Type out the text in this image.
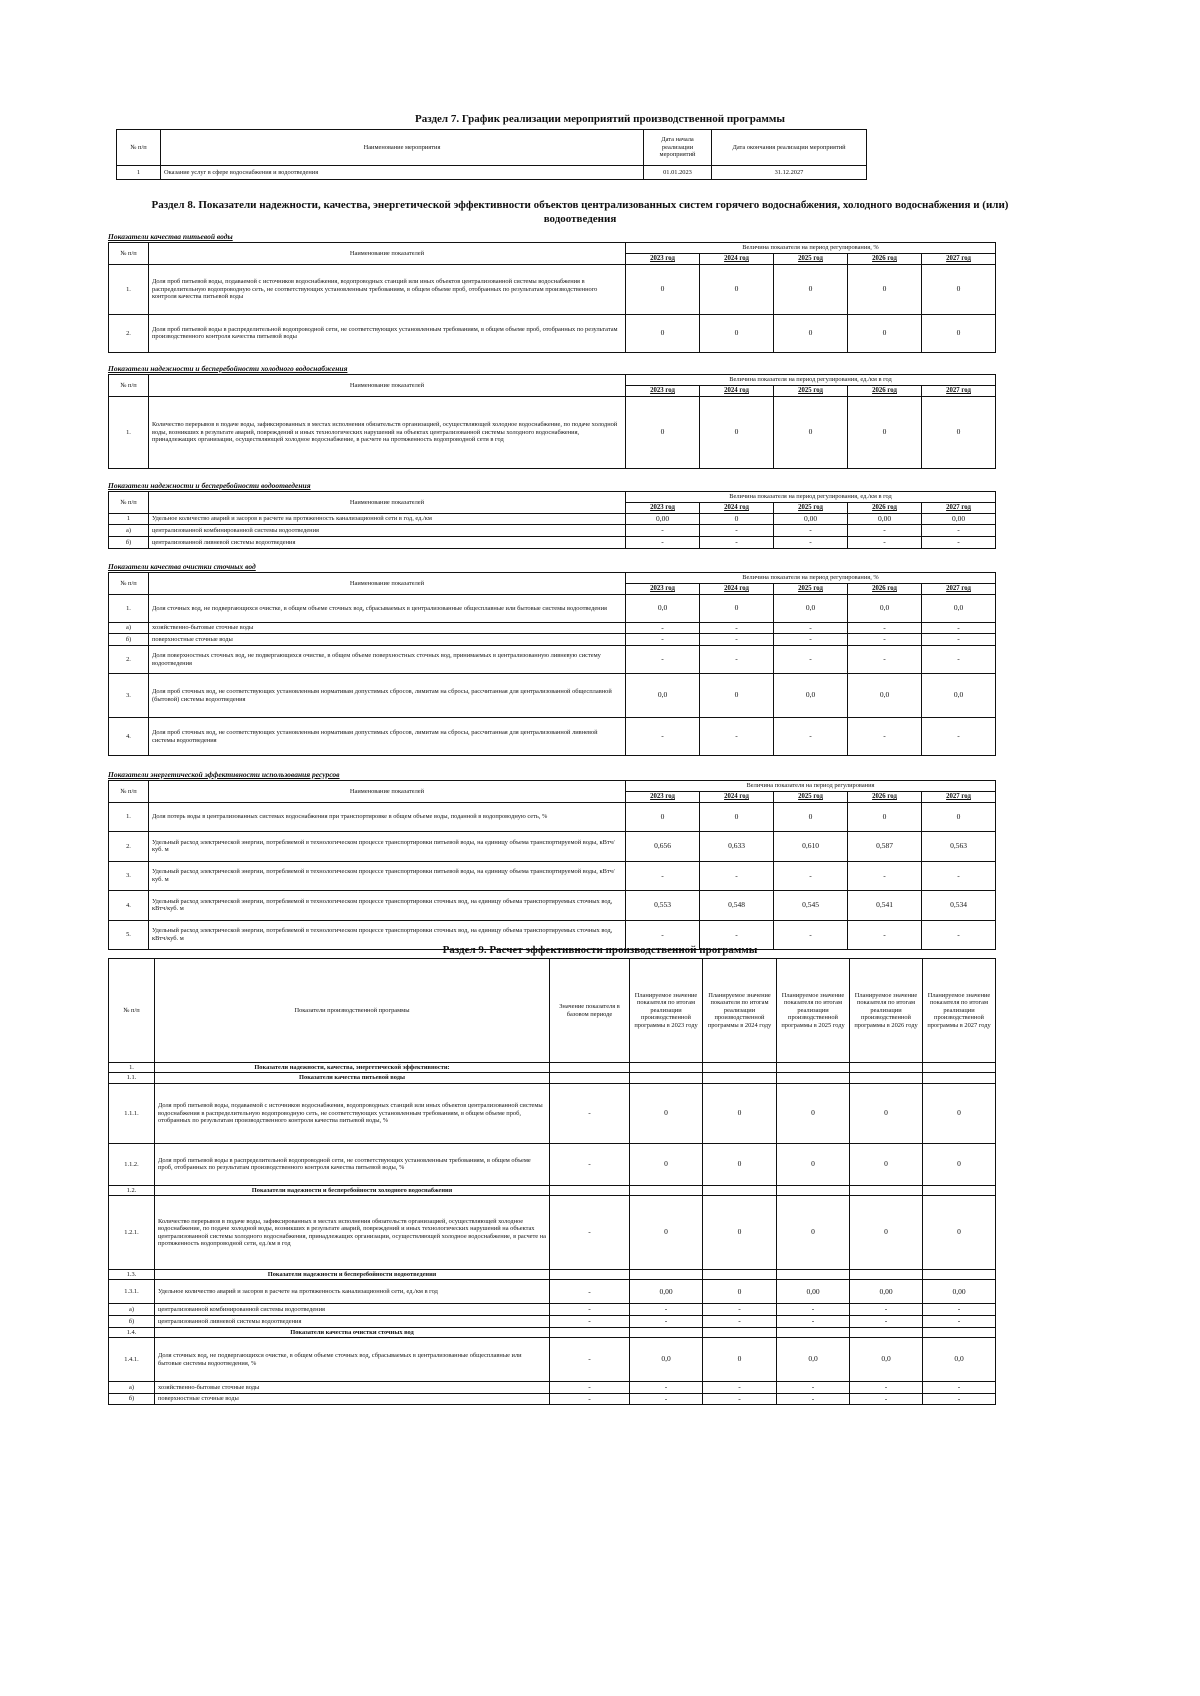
Раздел 7. График реализации мероприятий производственной программы
№ п/п	Наименование мероприятия	Дата начала реализации мероприятий	Дата окончания реализации мероприятий
1	Оказание услуг в сфере водоснабжения и водоотведения	01.01.2023	31.12.2027
Раздел 8. Показатели надежности, качества, энергетической эффективности объектов централизованных систем горячего водоснабжения, холодного водоснабжения и (или) водоотведения
Показатели качества питьевой воды
№ п/п	Наименование показателей	Величина показателя на период регулирования, %				
		2023 год	2024 год	2025 год	2026 год	2027 год
1.	Доля проб питьевой воды, подаваемой с источников водоснабжения, водопроводных станций или иных объектов централизованной системы водоснабжения в распределительную водопроводную сеть, не соответствующих установленным требованиям, в общем объеме проб, отобранных по результатам производственного контроля качества питьевой воды	0	0	0	0	0
2.	Доля проб питьевой воды в распределительной водопроводной сети, не соответствующих установленным требованиям, в общем объеме проб, отобранных по результатам производственного контроля качества питьевой воды	0	0	0	0	0
Показатели надежности и бесперебойности холодного водоснабжения
№ п/п	Наименование показателей	Величина показателя на период регулирования, ед./км в год				
		2023 год	2024 год	2025 год	2026 год	2027 год
1.	Количество перерывов в подаче воды, зафиксированных в местах исполнения обязательств организацией, осуществляющей холодное водоснабжение, по подаче холодной воды, возникших в результате аварий, повреждений и иных технологических нарушений на объектах централизованной системы холодного водоснабжения, принадлежащих организации, осуществляющей холодное водоснабжение, в расчете на протяженность водопроводной сети в год	0	0	0	0	0
Показатели надежности и бесперебойности водоотведения
№ п/п	Наименование показателей	Величина показателя на период регулирования, ед./км в год				
		2023 год	2024 год	2025 год	2026 год	2027 год
1	Удельное количество аварий и засоров в расчете на протяженность канализационной сети в год, ед./км	0,00	0	0,00	0,00	0,00
а)	централизованной комбинированной системы водоотведения	-	-	-	-	-
б)	централизованной ливневой системы водоотведения	-	-	-	-	-
Показатели качества очистки сточных вод
№ п/п	Наименование показателей	Величина показателя на период регулирования, %				
		2023 год	2024 год	2025 год	2026 год	2027 год
1.	Доля сточных вод, не подвергающихся очистке, в общем объеме сточных вод, сбрасываемых в централизованные общесплавные или бытовые системы водоотведения	0,0	0	0,0	0,0	0,0
а)	хозяйственно-бытовые сточные воды	-	-	-	-	-
б)	поверхностные сточные воды	-	-	-	-	-
2.	Доля поверхностных сточных вод, не подвергающихся очистке, в общем объеме поверхностных сточных вод, принимаемых в централизованную ливневую систему водоотведения	-	-	-	-	-
3.	Доля проб сточных вод, не соответствующих установленным нормативам допустимых сбросов, лимитам на сбросы, рассчитанная для централизованной общесплавной (бытовой) системы водоотведения	0,0	0	0,0	0,0	0,0
4.	Доля проб сточных вод, не соответствующих установленным нормативам допустимых сбросов, лимитам на сбросы, рассчитанная для централизованной ливневой системы водоотведения	-	-	-	-	-
Показатели энергетической эффективности использования ресурсов
№ п/п	Наименование показателей	Величина показателя на период регулирования				
		2023 год	2024 год	2025 год	2026 год	2027 год
1.	Доля потерь воды в централизованных системах водоснабжения при транспортировке в общем объеме воды, поданной в водопроводную сеть, %	0	0	0	0	0
2.	Удельный расход электрической энергии, потребляемой в технологическом процессе транспортировки питьевой воды, на единицу объема транспортируемой воды, кВтч/куб. м	0,656	0,633	0,610	0,587	0,563
3.	Удельный расход электрической энергии, потребляемой в технологическом процессе транспортировки питьевой воды, на единицу объема транспортируемой воды, кВтч/куб. м	-	-	-	-	-
4.	Удельный расход электрической энергии, потребляемой в технологическом процессе транспортировки сточных вод, на единицу объема транспортируемых сточных вод, кВтч/куб. м	0,553	0,548	0,545	0,541	0,534
5.	Удельный расход электрической энергии, потребляемой в технологическом процессе транспортировки сточных вод, на единицу объема транспортируемых сточных вод, кВтч/куб. м	-	-	-	-	-
Раздел 9. Расчет эффективности производственной программы
№ п/п	Показатели производственной программы	Значение показателя в базовом периоде	Планируемое значение показателя по итогам реализации производственной программы в 2023 году	Планируемое значение показателя по итогам реализации производственной программы в 2024 году	Планируемое значение показателя по итогам реализации производственной программы в 2025 году	Планируемое значение показателя по итогам реализации производственной программы в 2026 году	Планируемое значение показателя по итогам реализации производственной программы в 2027 году
1.	Показатели надежности, качества, энергетической эффективности:						
1.1.	Показатели качества питьевой воды						
1.1.1.	Доля проб питьевой воды, подаваемой с источников водоснабжения, водопроводных станций или иных объектов централизованной системы водоснабжения в распределительную водопроводную сеть, не соответствующих установленным требованиям, в общем объеме проб, отобранных по результатам производственного контроля качества питьевой воды, %	-	0	0	0	0	0
1.1.2.	Доля проб питьевой воды в распределительной водопроводной сети, не соответствующих установленным требованиям, в общем объеме проб, отобранных по результатам производственного контроля качества питьевой воды, %	-	0	0	0	0	0
1.2.	Показатели надежности и бесперебойности холодного водоснабжения						
1.2.1.	Количество перерывов в подаче воды, зафиксированных в местах исполнения обязательств организацией, осуществляющей холодное водоснабжение, по подаче холодной воды, возникших в результате аварий, повреждений и иных технологических нарушений на объектах централизованной системы холодного водоснабжения, принадлежащих организации, осуществляющей холодное водоснабжение, в расчете на протяженность водопроводной сети, ед./км в год	-	0	0	0	0	0
1.3.	Показатели надежности и бесперебойности водоотведения						
1.3.1.	Удельное количество аварий и засоров в расчете на протяженность канализационной сети, ед./км в год	-	0,00	0	0,00	0,00	0,00
а)	централизованной комбинированной системы водоотведения	-	-	-	-	-	-
б)	централизованной ливневой системы водоотведения	-	-	-	-	-	-
1.4.	Показатели качества очистки сточных вод						
1.4.1.	Доля сточных вод, не подвергающихся очистке, в общем объеме сточных вод, сбрасываемых в централизованные общесплавные или бытовые системы водоотведения, %	-	0,0	0	0,0	0,0	0,0
а)	хозяйственно-бытовые сточные воды	-	-	-	-	-	-
б)	поверхностные сточные воды	-	-	-	-	-	-
